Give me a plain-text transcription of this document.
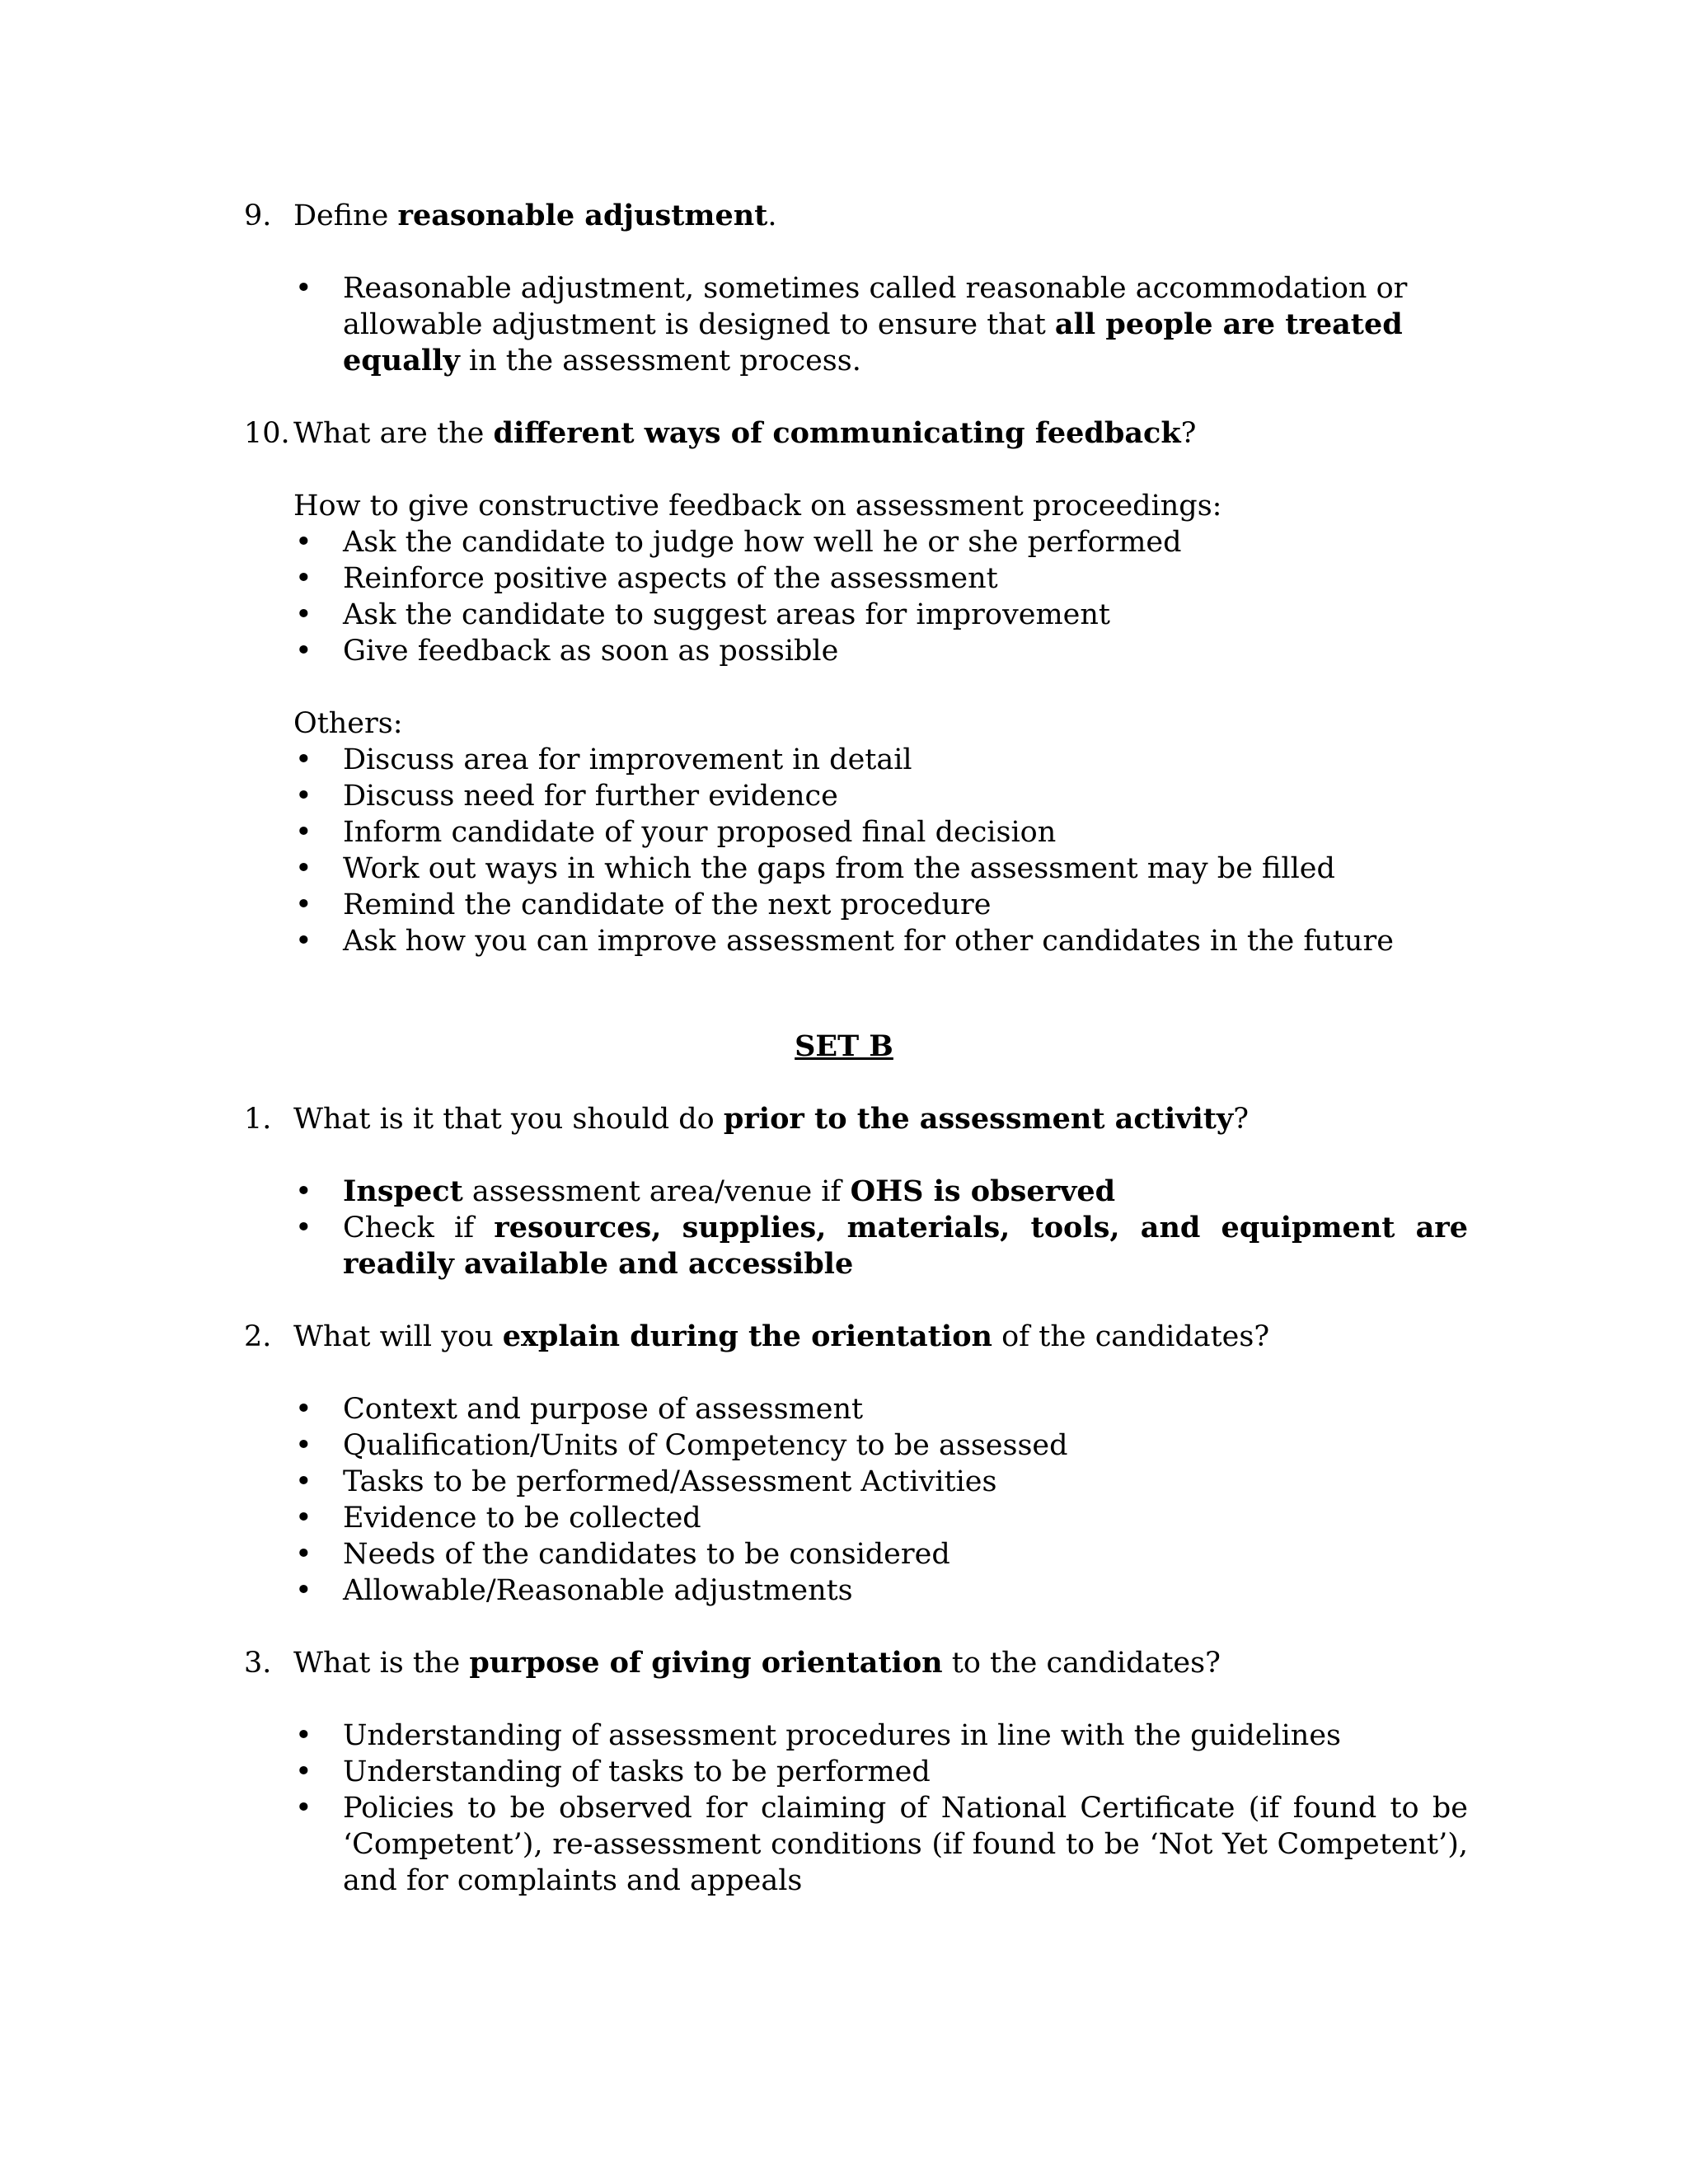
9. Define reasonable adjustment.
• Reasonable adjustment, sometimes called reasonable accommodation or allowable adjustment is designed to ensure that all people are treated equally in the assessment process.
10. What are the different ways of communicating feedback?
How to give constructive feedback on assessment proceedings:
• Ask the candidate to judge how well he or she performed
• Reinforce positive aspects of the assessment
• Ask the candidate to suggest areas for improvement
• Give feedback as soon as possible
Others:
• Discuss area for improvement in detail
• Discuss need for further evidence
• Inform candidate of your proposed final decision
• Work out ways in which the gaps from the assessment may be filled
• Remind the candidate of the next procedure
• Ask how you can improve assessment for other candidates in the future
SET B
1. What is it that you should do prior to the assessment activity?
• Inspect assessment area/venue if OHS is observed
• Check if resources, supplies, materials, tools, and equipment are readily available and accessible
2. What will you explain during the orientation of the candidates?
• Context and purpose of assessment
• Qualification/Units of Competency to be assessed
• Tasks to be performed/Assessment Activities
• Evidence to be collected
• Needs of the candidates to be considered
• Allowable/Reasonable adjustments
3. What is the purpose of giving orientation to the candidates?
• Understanding of assessment procedures in line with the guidelines
• Understanding of tasks to be performed
• Policies to be observed for claiming of National Certificate (if found to be ‘Competent’), re-assessment conditions (if found to be ‘Not Yet Competent’), and for complaints and appeals
